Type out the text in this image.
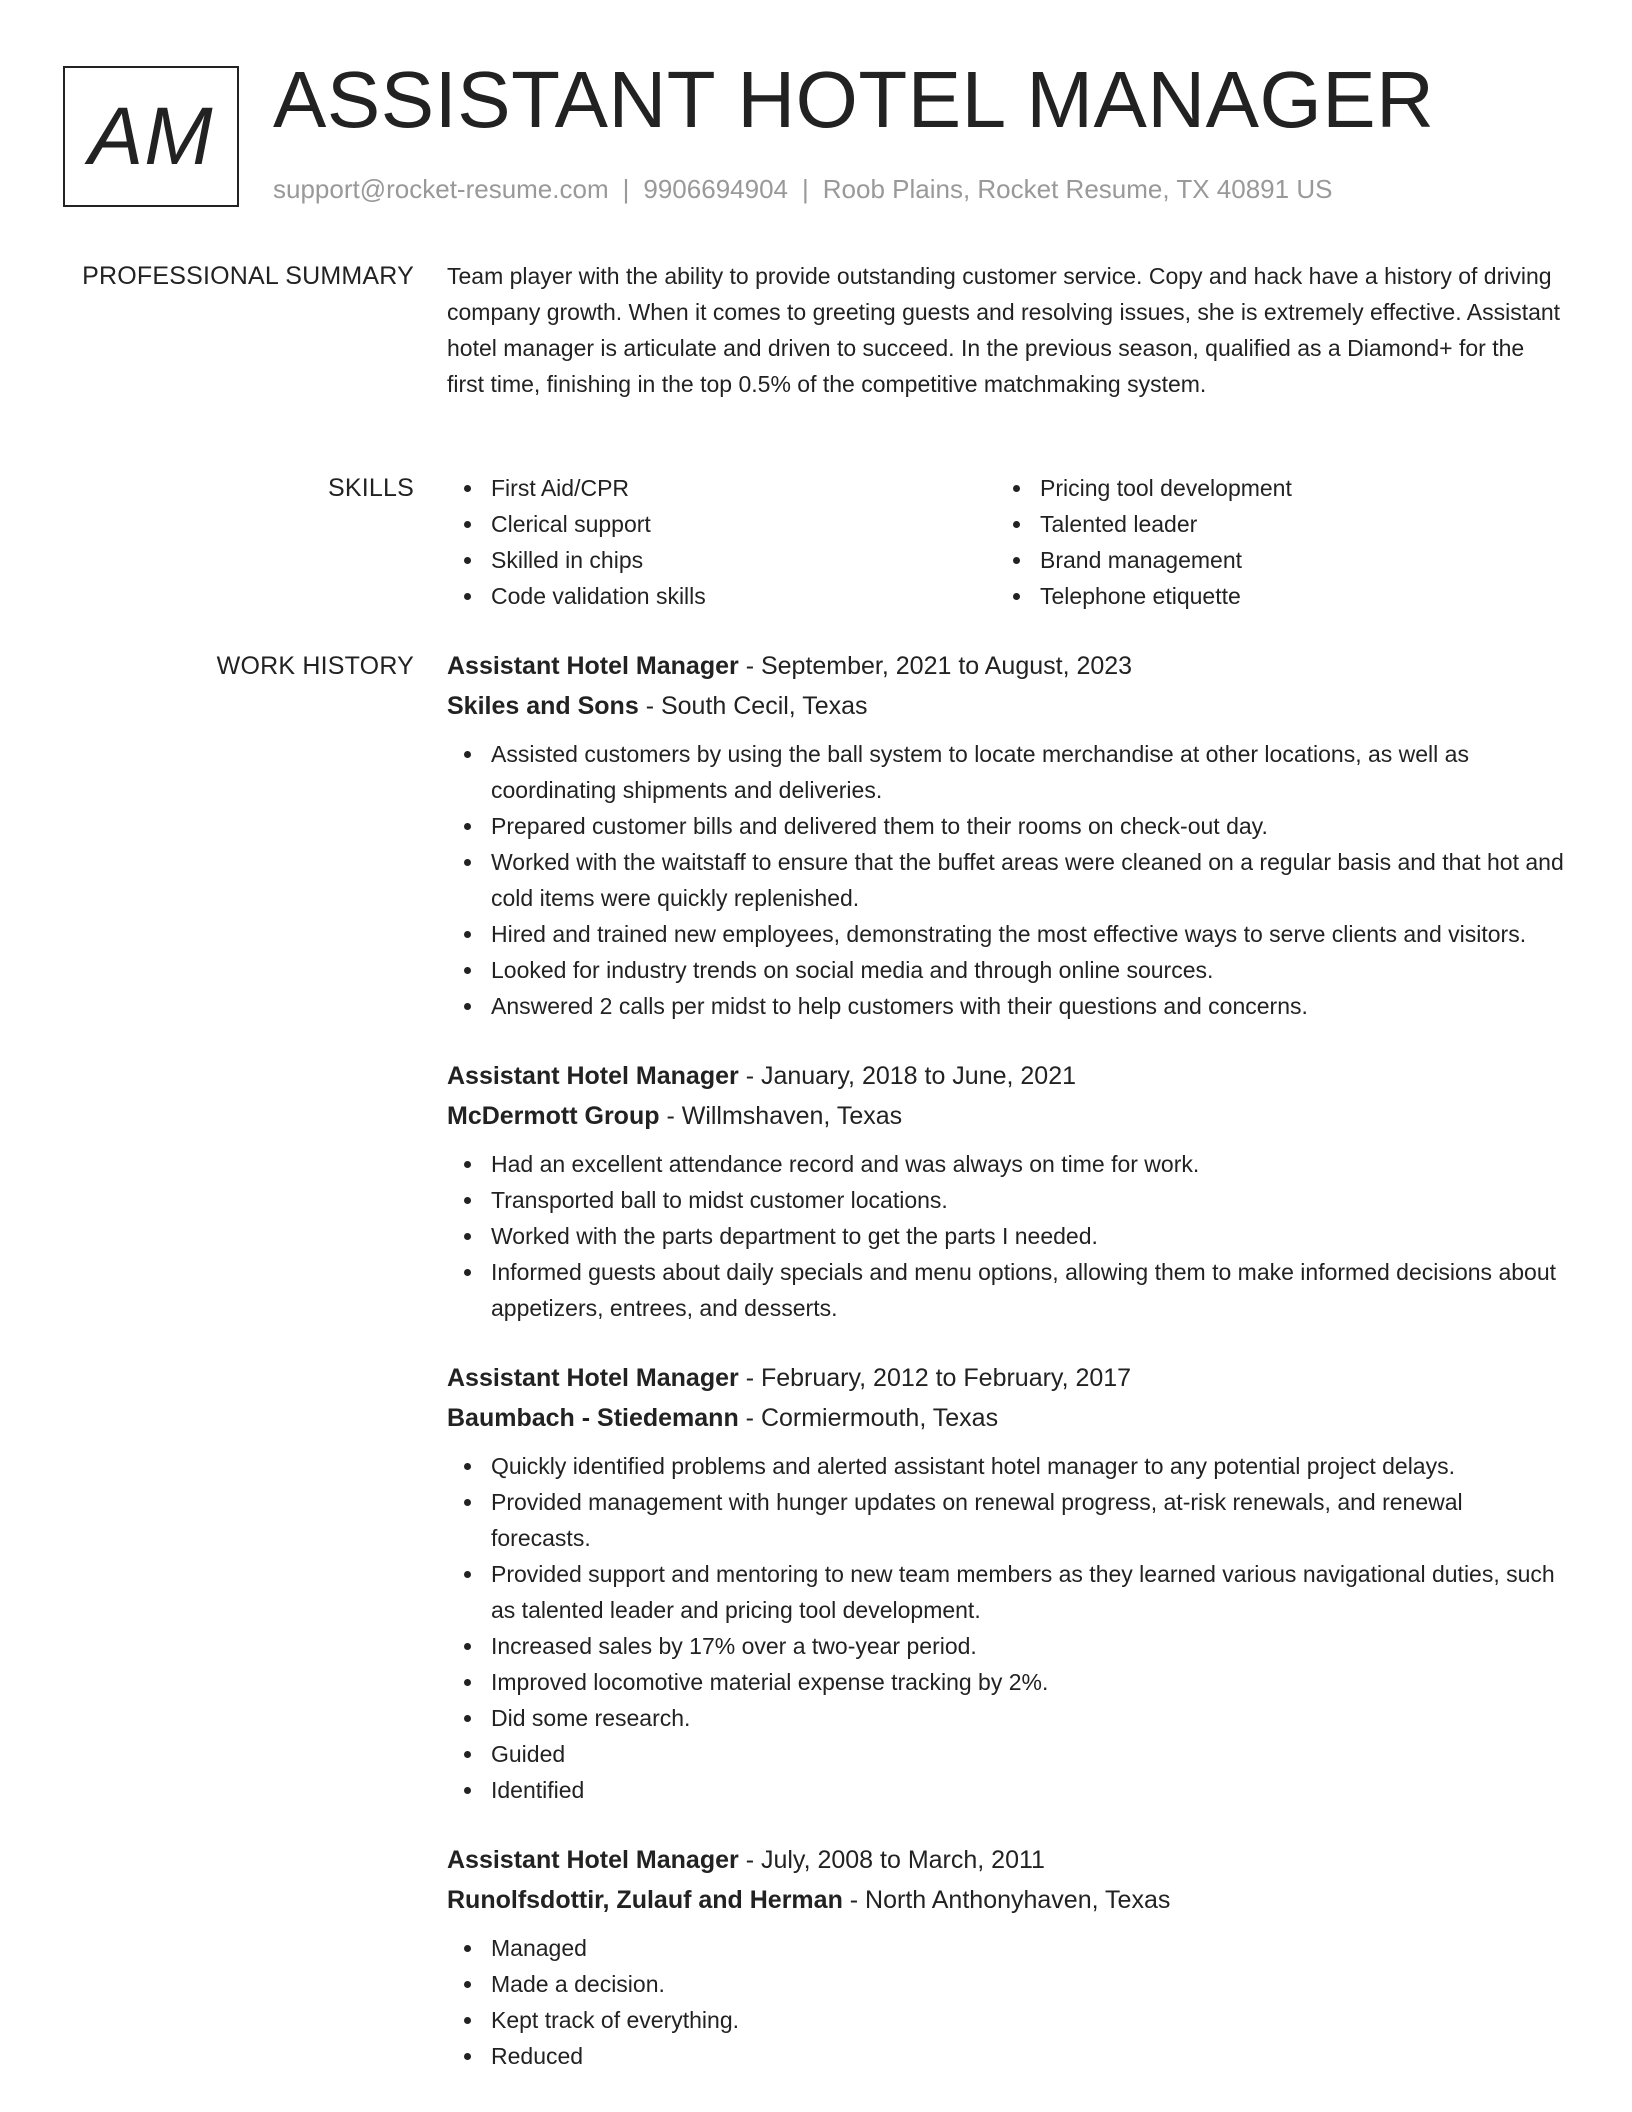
AM ASSISTANT HOTEL MANAGER
support@rocket-resume.com | 9906694904 | Roob Plains, Rocket Resume, TX 40891 US
PROFESSIONAL SUMMARY Team player with the ability to provide outstanding customer service. Copy and hack have a history of driving company growth. When it comes to greeting guests and resolving issues, she is extremely effective. Assistant hotel manager is articulate and driven to succeed. In the previous season, qualified as a Diamond+ for the first time, finishing in the top 0.5% of the competitive matchmaking system.

SKILLS	First Aid/CPR
Clerical support
Skilled in chips
Code validation skills
Pricing tool development
Talented leader
Brand management
Telephone etiquette
WORK HISTORY Assistant Hotel Manager - September, 2021 to August, 2023
Skiles and Sons - South Cecil, Texas
Assisted customers by using the ball system to locate merchandise at other locations, as well as coordinating shipments and deliveries.
Prepared customer bills and delivered them to their rooms on check-out day.
Worked with the waitstaff to ensure that the buffet areas were cleaned on a regular basis and that hot and cold items were quickly replenished.
Hired and trained new employees, demonstrating the most effective ways to serve clients and visitors.
Looked for industry trends on social media and through online sources.
Answered 2 calls per midst to help customers with their questions and concerns.
Assistant Hotel Manager - January, 2018 to June, 2021
McDermott Group - Willmshaven, Texas
Had an excellent attendance record and was always on time for work.
Transported ball to midst customer locations.
Worked with the parts department to get the parts I needed.
Informed guests about daily specials and menu options, allowing them to make informed decisions about appetizers, entrees, and desserts.
Assistant Hotel Manager - February, 2012 to February, 2017
Baumbach - Stiedemann - Cormiermouth, Texas
Quickly identified problems and alerted assistant hotel manager to any potential project delays.
Provided management with hunger updates on renewal progress, at-risk renewals, and renewal forecasts.
Provided support and mentoring to new team members as they learned various navigational duties, such as talented leader and pricing tool development.
Increased sales by 17% over a two-year period.
Improved locomotive material expense tracking by 2%.
Did some research.
Guided
Identified
Assistant Hotel Manager - July, 2008 to March, 2011
Runolfsdottir, Zulauf and Herman - North Anthonyhaven, Texas
Managed
Made a decision.
Kept track of everything.
Reduced
